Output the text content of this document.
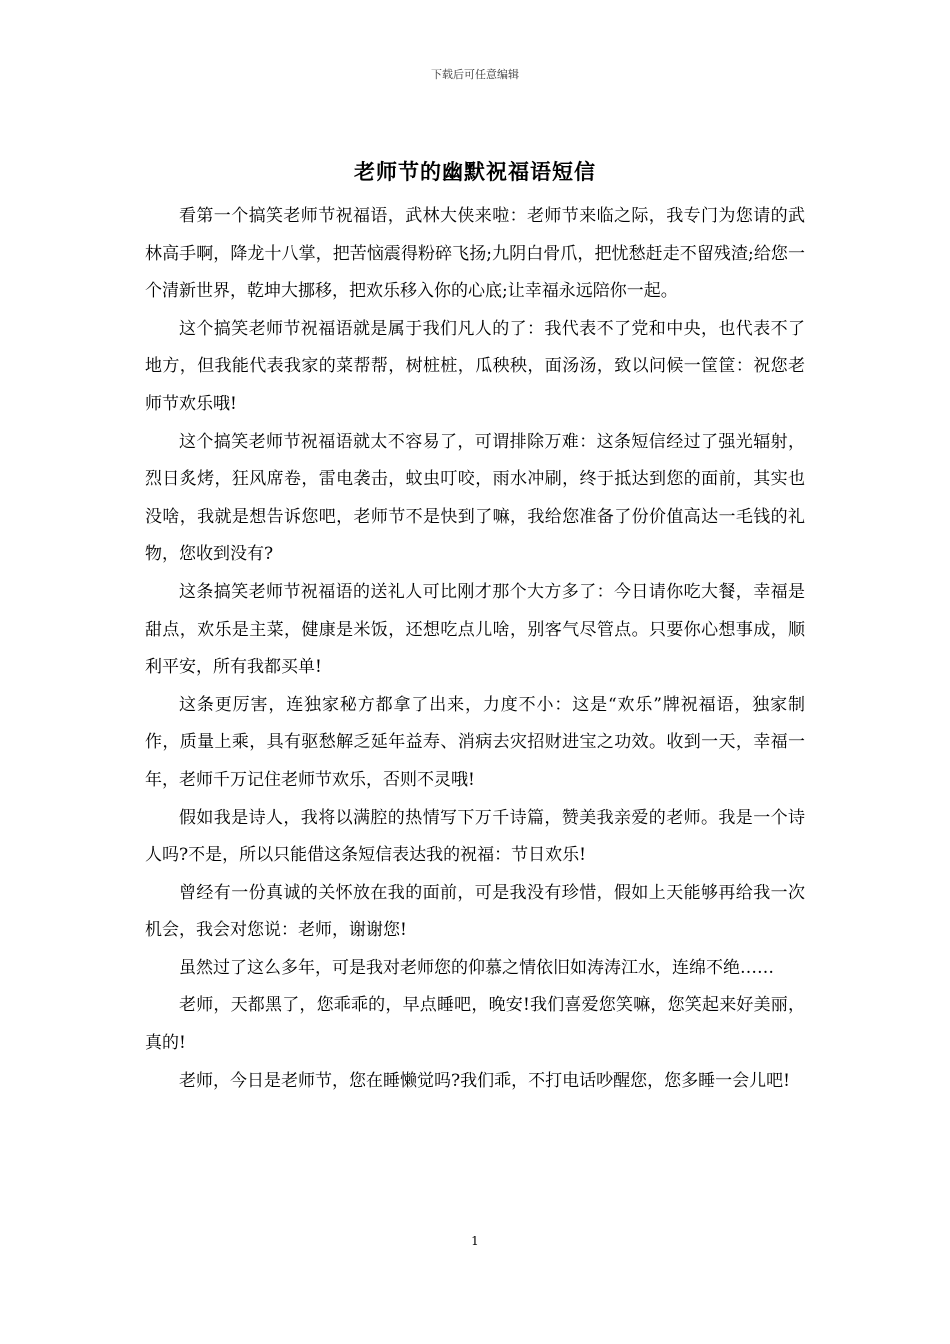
下载后可任意编辑
老师节的幽默祝福语短信

看第一个搞笑老师节祝福语，武林大侠来啦：老师节来临之际，我专门为您请的武林高手啊，降龙十八掌，把苦恼震得粉碎飞扬;九阴白骨爪，把忧愁赶走不留残渣;给您一个清新世界，乾坤大挪移，把欢乐移入你的心底;让幸福永远陪你一起。

这个搞笑老师节祝福语就是属于我们凡人的了：我代表不了党和中央，也代表不了地方，但我能代表我家的菜帮帮，树桩桩，瓜秧秧，面汤汤，致以问候一筐筐：祝您老师节欢乐哦!

这个搞笑老师节祝福语就太不容易了，可谓排除万难：这条短信经过了强光辐射，烈日炙烤，狂风席卷，雷电袭击，蚊虫叮咬，雨水冲刷，终于抵达到您的面前，其实也没啥，我就是想告诉您吧，老师节不是快到了嘛，我给您准备了份价值高达一毛钱的礼物，您收到没有?

这条搞笑老师节祝福语的送礼人可比刚才那个大方多了：今日请你吃大餐，幸福是甜点，欢乐是主菜，健康是米饭，还想吃点儿啥，别客气尽管点。只要你心想事成，顺利平安，所有我都买单!

这条更厉害，连独家秘方都拿了出来，力度不小：这是“欢乐”牌祝福语，独家制作，质量上乘，具有驱愁解乏延年益寿、消病去灾招财进宝之功效。收到一天，幸福一年，老师千万记住老师节欢乐，否则不灵哦!

假如我是诗人，我将以满腔的热情写下万千诗篇，赞美我亲爱的老师。我是一个诗人吗?不是，所以只能借这条短信表达我的祝福：节日欢乐!

曾经有一份真诚的关怀放在我的面前，可是我没有珍惜，假如上天能够再给我一次机会，我会对您说：老师，谢谢您!

虽然过了这么多年，可是我对老师您的仰慕之情依旧如涛涛江水，连绵不绝……

老师，天都黑了，您乖乖的，早点睡吧，晚安!我们喜爱您笑嘛，您笑起来好美丽，真的!

老师，今日是老师节，您在睡懒觉吗?我们乖，不打电话吵醒您，您多睡一会儿吧!

1
